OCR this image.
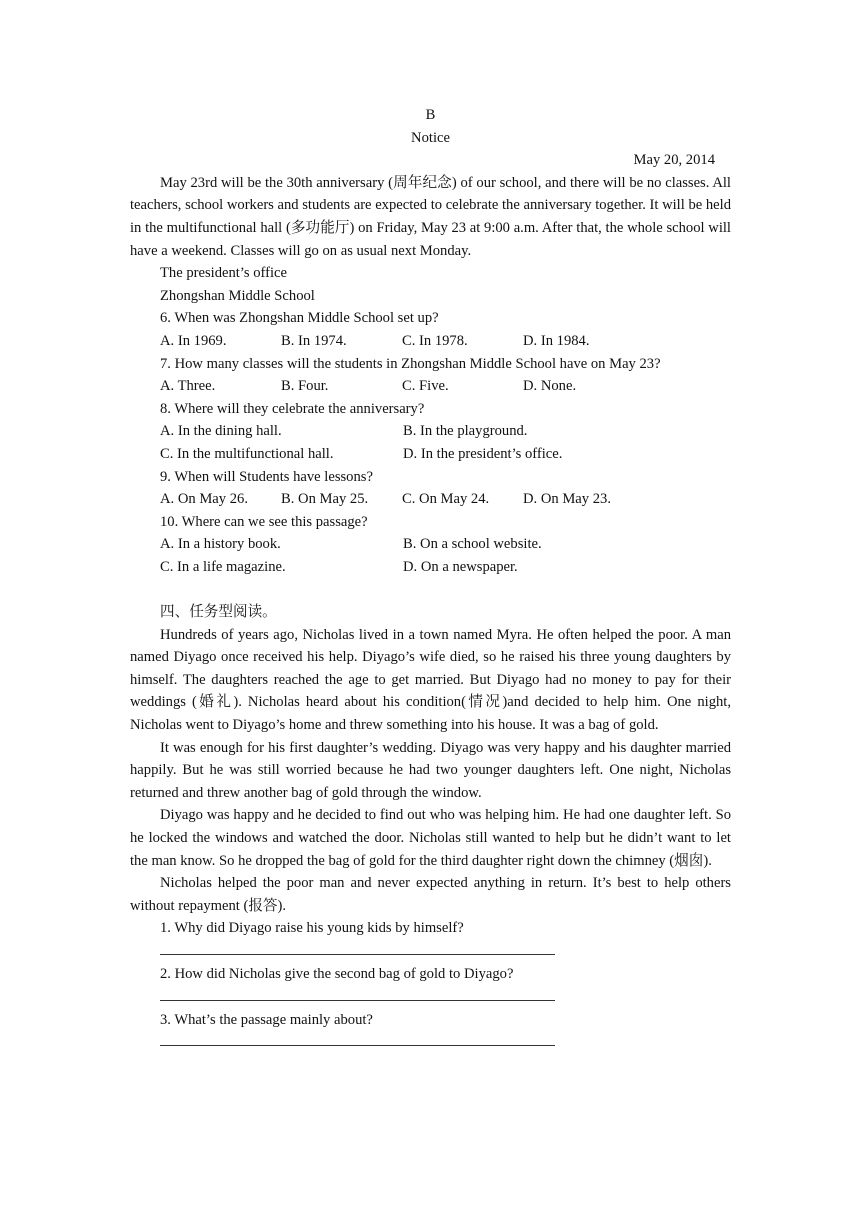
B
Notice
May 20, 2014

May 23rd will be the 30th anniversary (周年纪念) of our school, and there will be no classes. All teachers, school workers and students are expected to celebrate the anniversary together. It will be held in the multifunctional hall (多功能厅) on Friday, May 23 at 9:00 a.m. After that, the whole school will have a weekend. Classes will go on as usual next Monday.

The president’s office

Zhongshan Middle School

6. When was Zhongshan Middle School set up?

A. In 1969.	B. In 1974.	C. In 1978.	D. In 1984.

7. How many classes will the students in Zhongshan Middle School have on May 23?

A. Three.	B. Four.	C. Five.	D. None.

8. Where will they celebrate the anniversary?

A. In the dining hall.	B. In the playground.
C. In the multifunctional hall.	D. In the president’s office.

9. When will Students have lessons?

A. On May 26.	B. On May 25.	C. On May 24.	D. On May 23.

10. Where can we see this passage?

A. In a history book.	B. On a school website.
C. In a life magazine.	D. On a newspaper.

四、任务型阅读。

Hundreds of years ago, Nicholas lived in a town named Myra. He often helped the poor. A man named Diyago once received his help. Diyago’s wife died, so he raised his three young daughters by himself. The daughters reached the age to get married. But Diyago had no money to pay for their weddings (婚礼). Nicholas heard about his condition(情况)and decided to help him. One night, Nicholas went to Diyago’s home and threw something into his house. It was a bag of gold.

It was enough for his first daughter’s wedding. Diyago was very happy and his daughter married happily. But he was still worried because he had two younger daughters left. One night, Nicholas returned and threw another bag of gold through the window.

Diyago was happy and he decided to find out who was helping him. He had one daughter left. So he locked the windows and watched the door. Nicholas still wanted to help but he didn’t want to let the man know. So he dropped the bag of gold for the third daughter right down the chimney (烟囱).

Nicholas helped the poor man and never expected anything in return. It’s best to help others without repayment (报答).

1. Why did Diyago raise his young kids by himself?

2. How did Nicholas give the second bag of gold to Diyago?

3. What’s the passage mainly about?
